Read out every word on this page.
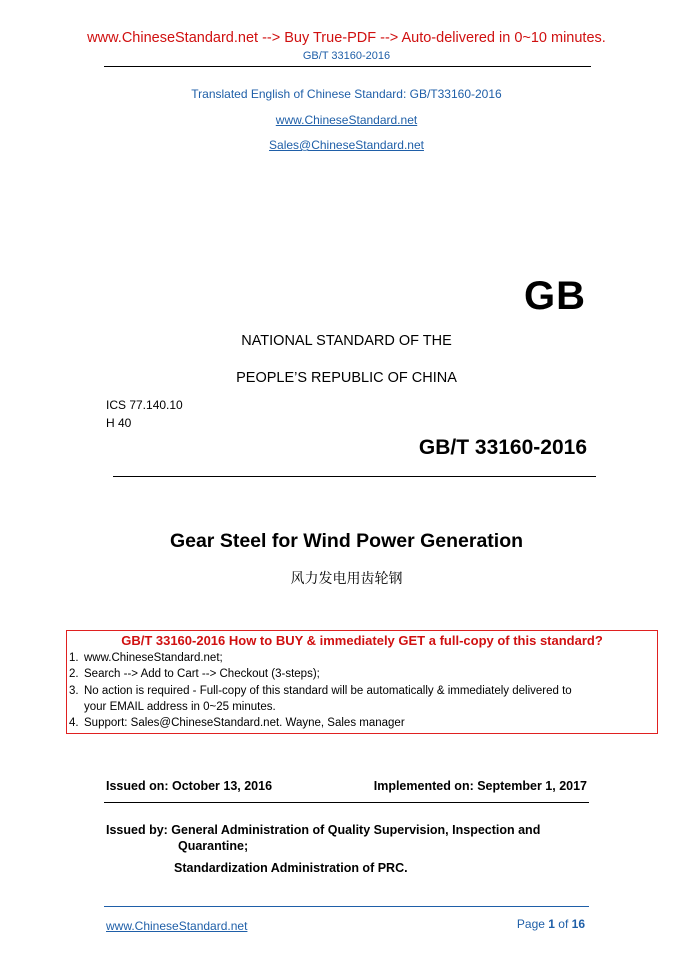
www.ChineseStandard.net --> Buy True-PDF --> Auto-delivered in 0~10 minutes.
GB/T 33160-2016
Translated English of Chinese Standard: GB/T33160-2016
www.ChineseStandard.net
Sales@ChineseStandard.net
GB
NATIONAL STANDARD OF THE
PEOPLE’S REPUBLIC OF CHINA
ICS 77.140.10
H 40
GB/T 33160-2016
Gear Steel for Wind Power Generation
风力发电用齿轮钢
GB/T 33160-2016 How to BUY & immediately GET a full-copy of this standard?
1. www.ChineseStandard.net;
2. Search --> Add to Cart --> Checkout (3-steps);
3. No action is required - Full-copy of this standard will be automatically & immediately delivered to
your EMAIL address in 0~25 minutes.
4. Support: Sales@ChineseStandard.net. Wayne, Sales manager
Issued on: October 13, 2016	Implemented on: September 1, 2017
Issued by: General Administration of Quality Supervision, Inspection and
Quarantine;
Standardization Administration of PRC.
www.ChineseStandard.net	Page 1 of 16
